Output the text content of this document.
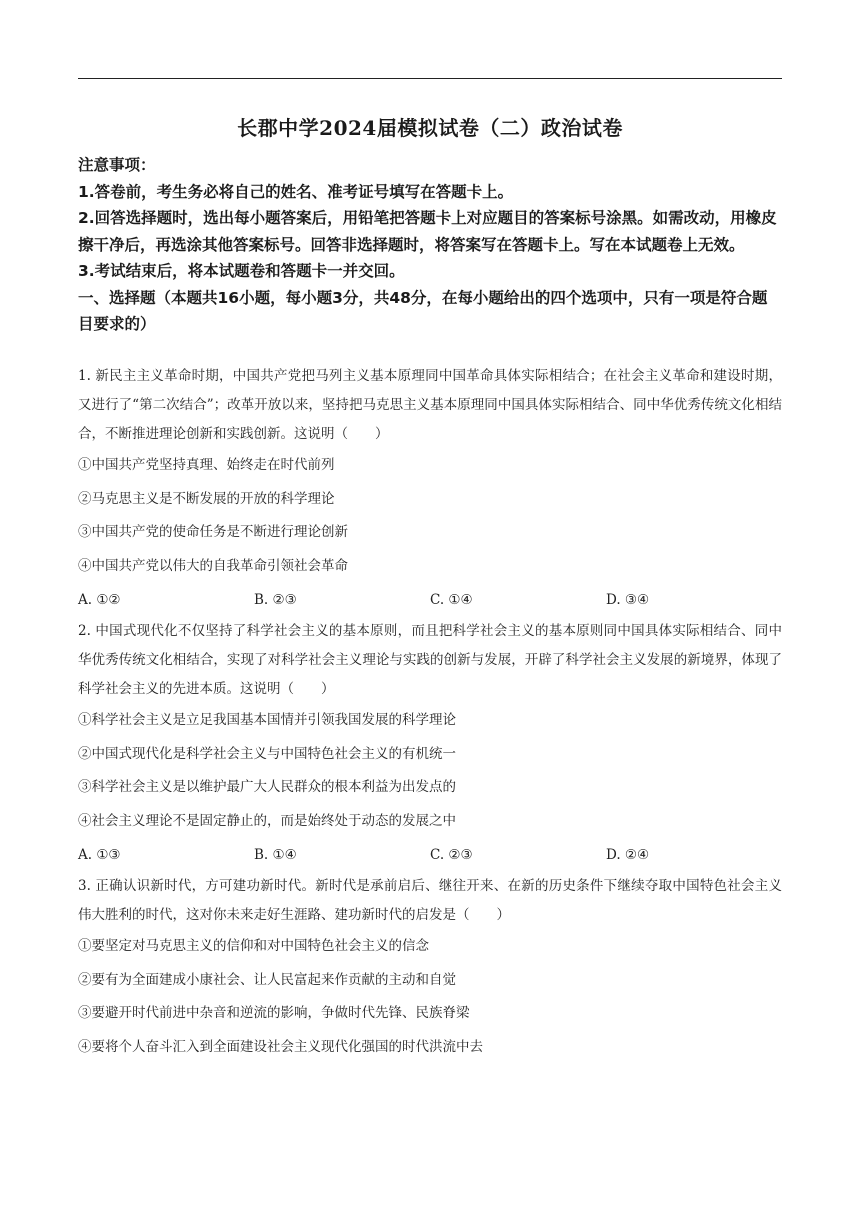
长郡中学2024届模拟试卷（二）政治试卷

注意事项：

1.答卷前，考生务必将自己的姓名、准考证号填写在答题卡上。

2.回答选择题时，选出每小题答案后，用铅笔把答题卡上对应题目的答案标号涂黑。如需改动，用橡皮擦干净后，再选涂其他答案标号。回答非选择题时，将答案写在答题卡上。写在本试题卷上无效。

3.考试结束后，将本试题卷和答题卡一并交回。

一、选择题（本题共16小题，每小题3分，共48分，在每小题给出的四个选项中，只有一项是符合题目要求的）

1. 新民主主义革命时期，中国共产党把马列主义基本原理同中国革命具体实际相结合；在社会主义革命和建设时期，又进行了“第二次结合”；改革开放以来，坚持把马克思主义基本原理同中国具体实际相结合、同中华优秀传统文化相结合，不断推进理论创新和实践创新。这说明（　　）

①中国共产党坚持真理、始终走在时代前列

②马克思主义是不断发展的开放的科学理论

③中国共产党的使命任务是不断进行理论创新

④中国共产党以伟大的自我革命引领社会革命

A. ①②	B. ②③	C. ①④	D. ③④

2. 中国式现代化不仅坚持了科学社会主义的基本原则，而且把科学社会主义的基本原则同中国具体实际相结合、同中华优秀传统文化相结合，实现了对科学社会主义理论与实践的创新与发展，开辟了科学社会主义发展的新境界，体现了科学社会主义的先进本质。这说明（　　）

①科学社会主义是立足我国基本国情并引领我国发展的科学理论

②中国式现代化是科学社会主义与中国特色社会主义的有机统一

③科学社会主义是以维护最广大人民群众的根本利益为出发点的

④社会主义理论不是固定静止的，而是始终处于动态的发展之中

A. ①③	B. ①④	C. ②③	D. ②④

3. 正确认识新时代，方可建功新时代。新时代是承前启后、继往开来、在新的历史条件下继续夺取中国特色社会主义伟大胜利的时代，这对你未来走好生涯路、建功新时代的启发是（　　）

①要坚定对马克思主义的信仰和对中国特色社会主义的信念

②要有为全面建成小康社会、让人民富起来作贡献的主动和自觉

③要避开时代前进中杂音和逆流的影响，争做时代先锋、民族脊梁

④要将个人奋斗汇入到全面建设社会主义现代化强国的时代洪流中去
